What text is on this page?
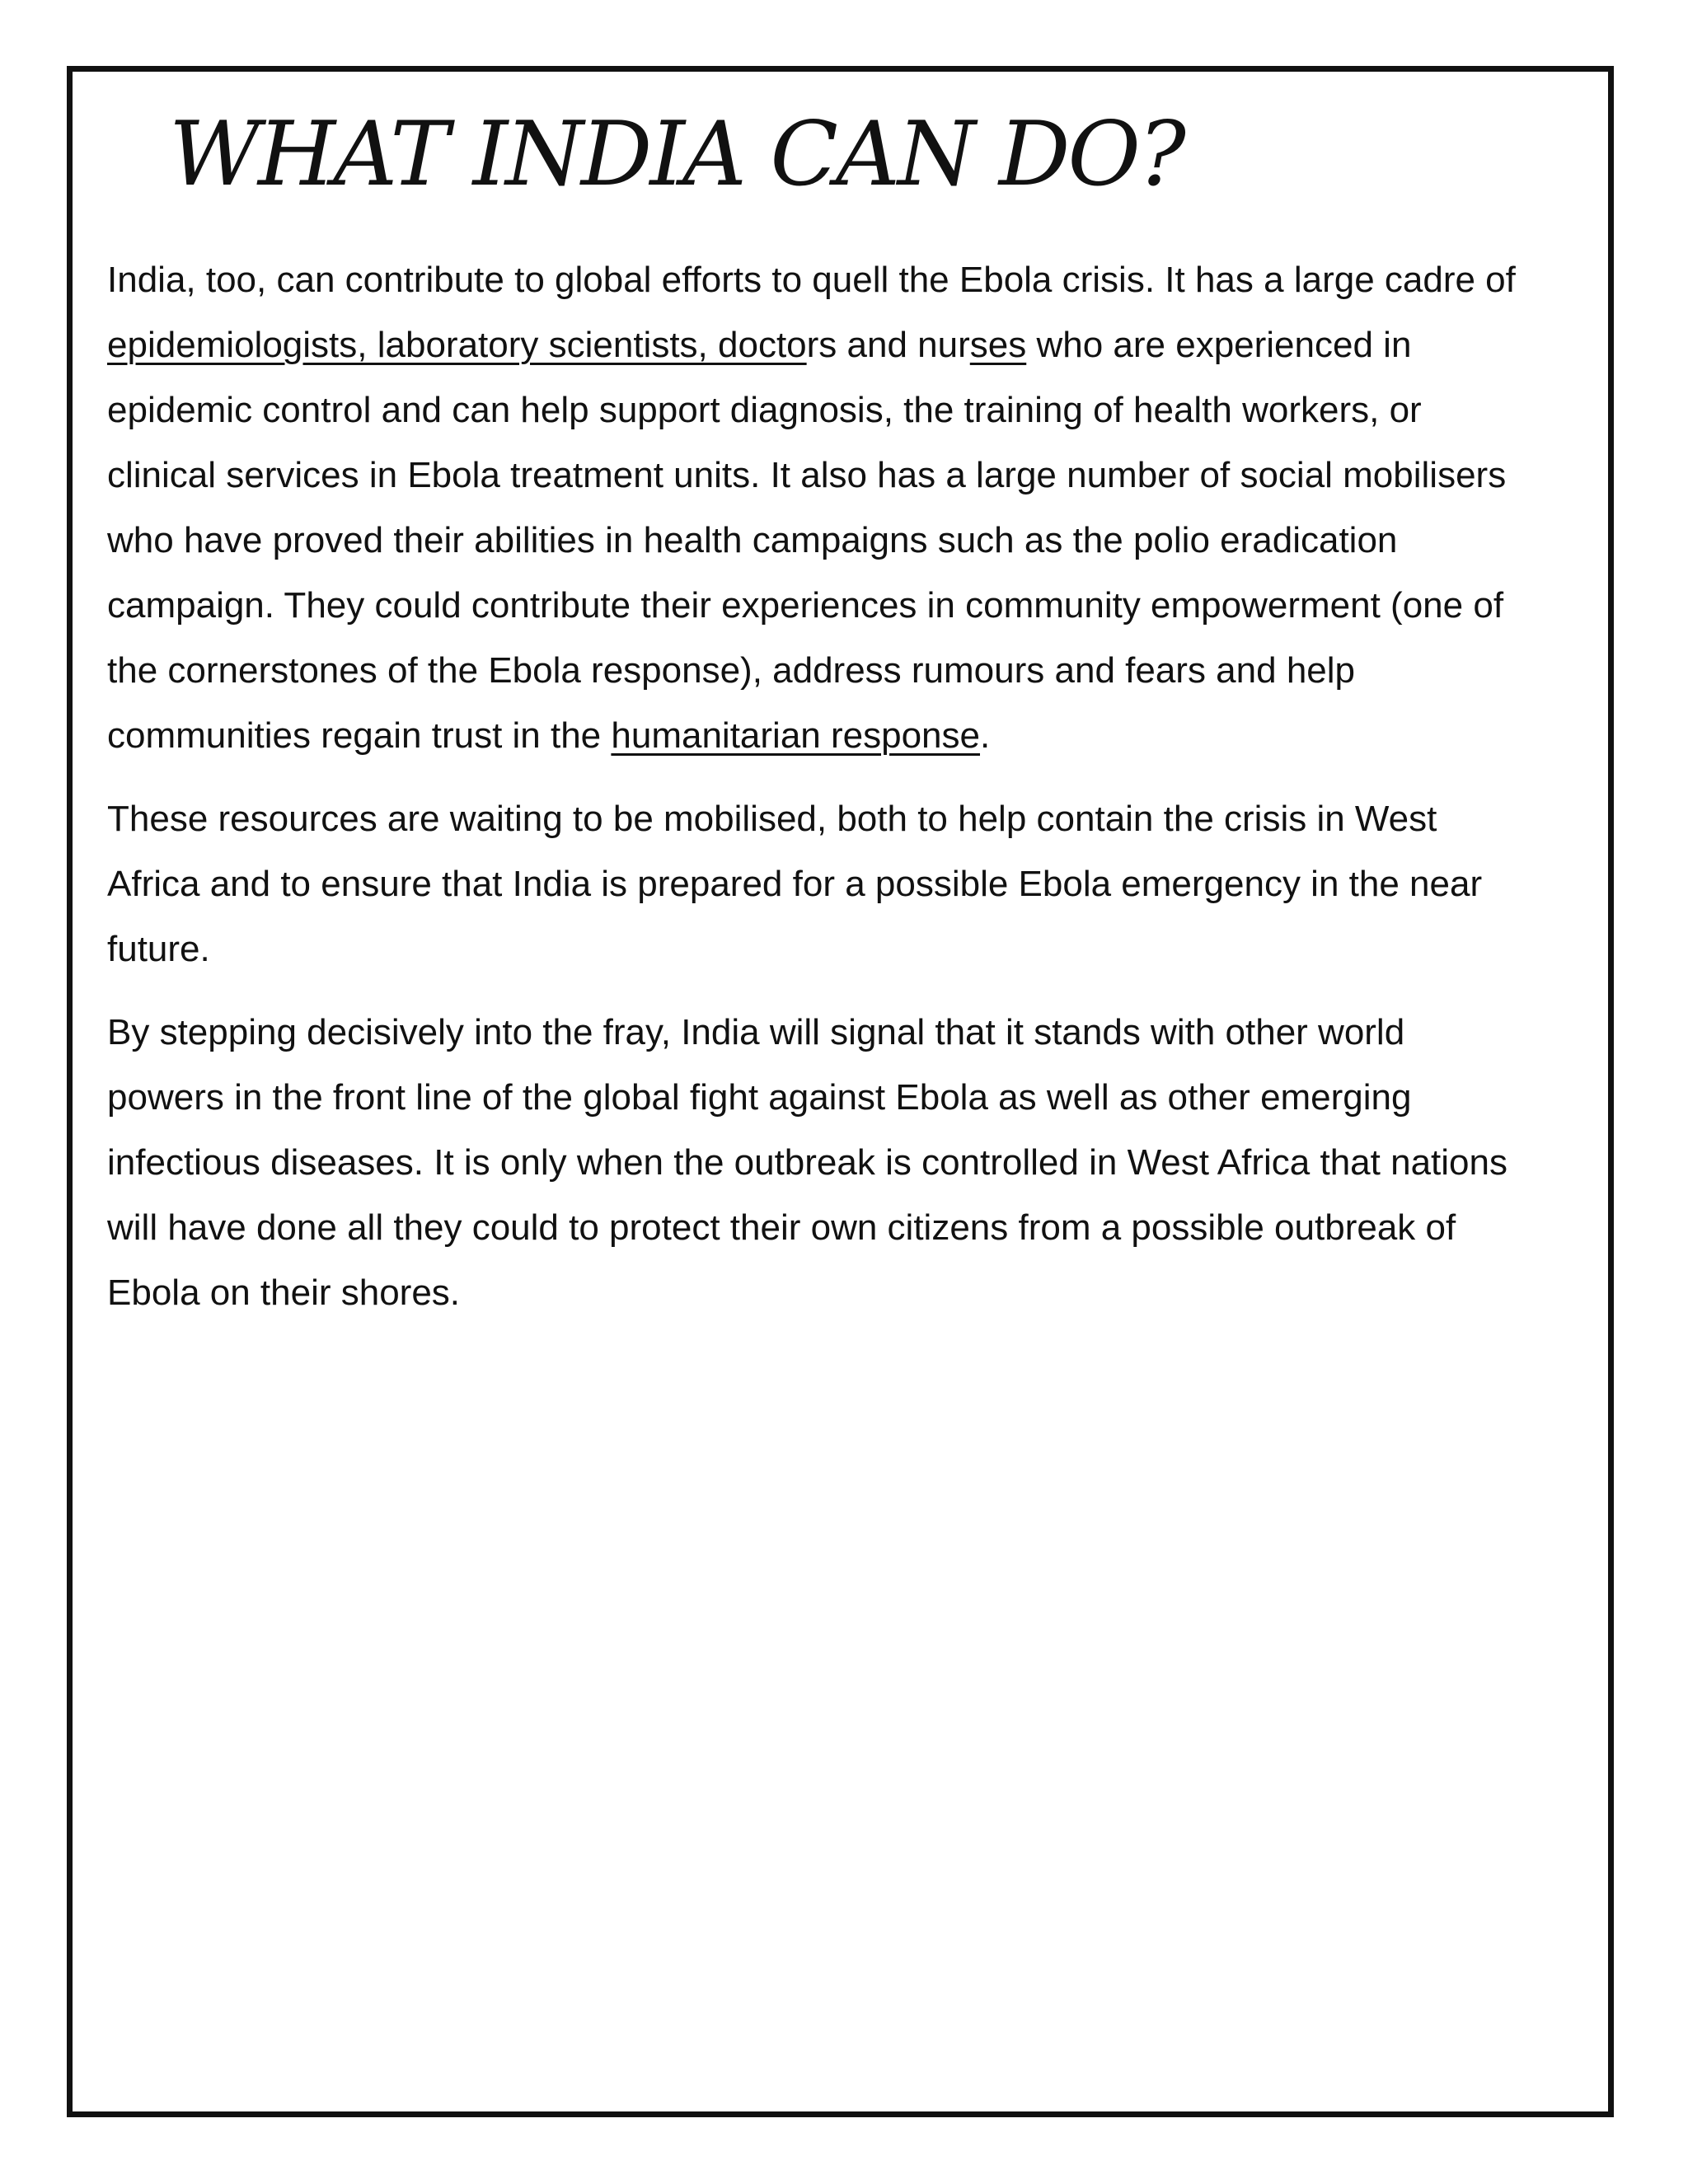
WHAT INDIA CAN DO?

India, too, can contribute to global efforts to quell the Ebola crisis. It has a large cadre of epidemiologists, laboratory scientists, doctors and nurses who are experienced in epidemic control and can help support diagnosis, the training of health workers, or clinical services in Ebola treatment units. It also has a large number of social mobilisers who have proved their abilities in health campaigns such as the polio eradication campaign. They could contribute their experiences in community empowerment (one of the cornerstones of the Ebola response), address rumours and fears and help communities regain trust in the humanitarian response.

These resources are waiting to be mobilised, both to help contain the crisis in West Africa and to ensure that India is prepared for a possible Ebola emergency in the near future.

By stepping decisively into the fray, India will signal that it stands with other world powers in the front line of the global fight against Ebola as well as other emerging infectious diseases. It is only when the outbreak is controlled in West Africa that nations will have done all they could to protect their own citizens from a possible outbreak of Ebola on their shores.
